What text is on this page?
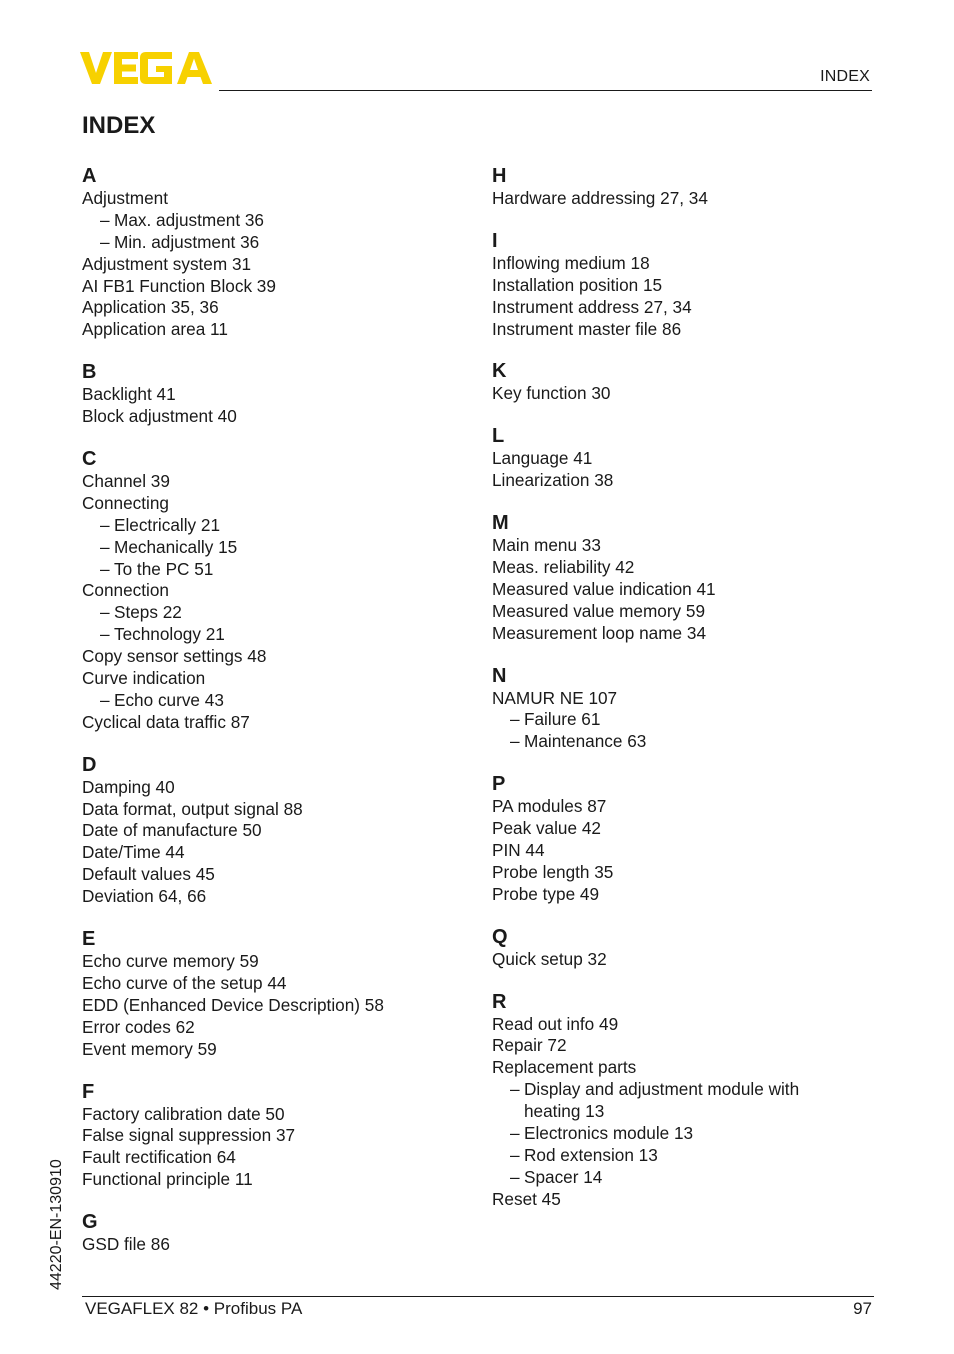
INDEX
INDEX
A
Adjustment
– Max. adjustment 36
– Min. adjustment 36
Adjustment system 31
AI FB1 Function Block 39
Application 35, 36
Application area 11
B
Backlight 41
Block adjustment 40
C
Channel 39
Connecting
– Electrically 21
– Mechanically 15
– To the PC 51
Connection
– Steps 22
– Technology 21
Copy sensor settings 48
Curve indication
– Echo curve 43
Cyclical data traffic 87
D
Damping 40
Data format, output signal 88
Date of manufacture 50
Date/Time 44
Default values 45
Deviation 64, 66
E
Echo curve memory 59
Echo curve of the setup 44
EDD (Enhanced Device Description) 58
Error codes 62
Event memory 59
F
Factory calibration date 50
False signal suppression 37
Fault rectification 64
Functional principle 11
G
GSD file 86
H
Hardware addressing 27, 34
I
Inflowing medium 18
Installation position 15
Instrument address 27, 34
Instrument master file 86
K
Key function 30
L
Language 41
Linearization 38
M
Main menu 33
Meas. reliability 42
Measured value indication 41
Measured value memory 59
Measurement loop name 34
N
NAMUR NE 107
– Failure 61
– Maintenance 63
P
PA modules 87
Peak value 42
PIN 44
Probe length 35
Probe type 49
Q
Quick setup 32
R
Read out info 49
Repair 72
Replacement parts
– Display and adjustment module with heating 13
– Electronics module 13
– Rod extension 13
– Spacer 14
Reset 45
44220-EN-130910
VEGAFLEX 82 • Profibus PA	97
